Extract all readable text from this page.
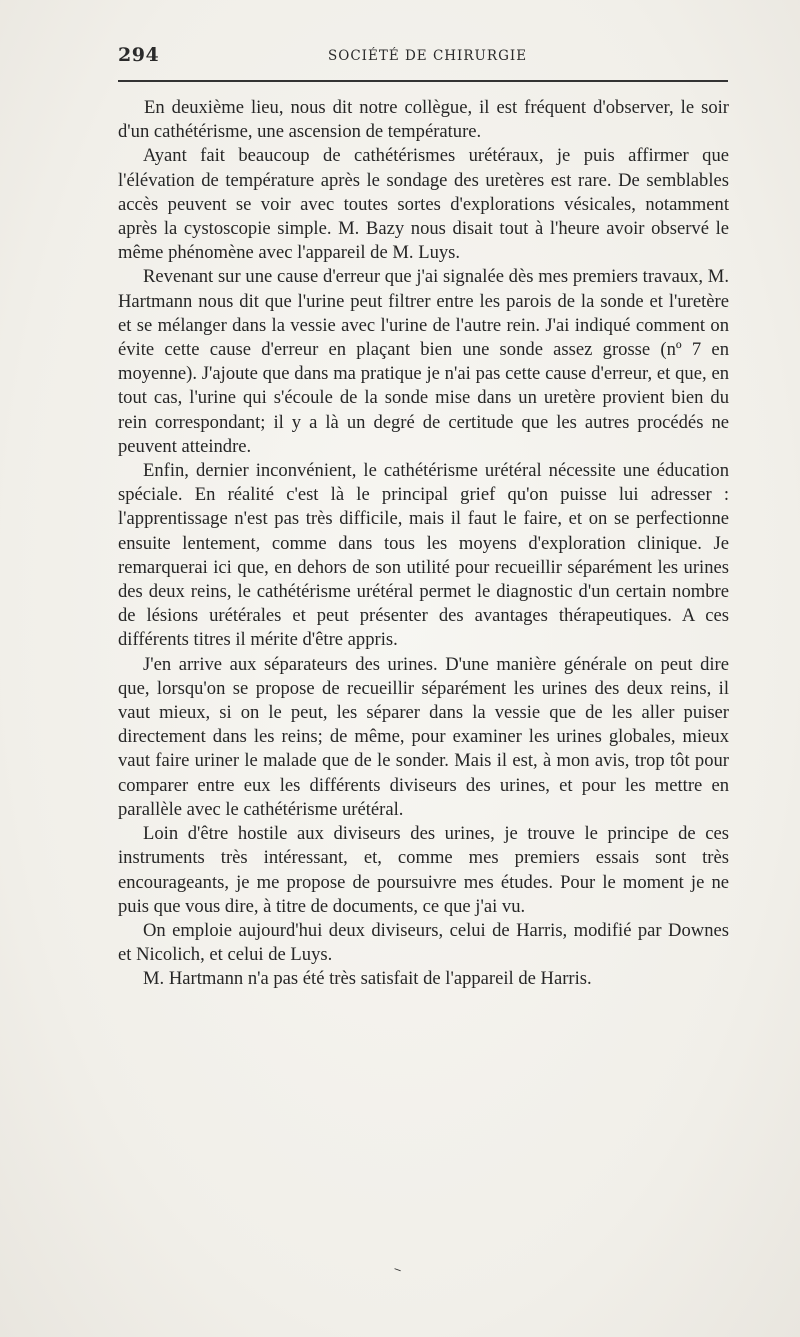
294	SOCIÉTÉ DE CHIRURGIE

En deuxième lieu, nous dit notre collègue, il est fréquent d'observer, le soir d'un cathétérisme, une ascension de température.

Ayant fait beaucoup de cathétérismes urétéraux, je puis affirmer que l'élévation de température après le sondage des uretères est rare. De semblables accès peuvent se voir avec toutes sortes d'explorations vésicales, notamment après la cystoscopie simple. M. Bazy nous disait tout à l'heure avoir observé le même phénomène avec l'appareil de M. Luys.

Revenant sur une cause d'erreur que j'ai signalée dès mes premiers travaux, M. Hartmann nous dit que l'urine peut filtrer entre les parois de la sonde et l'uretère et se mélanger dans la vessie avec l'urine de l'autre rein. J'ai indiqué comment on évite cette cause d'erreur en plaçant bien une sonde assez grosse (nº 7 en moyenne). J'ajoute que dans ma pratique je n'ai pas cette cause d'erreur, et que, en tout cas, l'urine qui s'écoule de la sonde mise dans un uretère provient bien du rein correspondant; il y a là un degré de certitude que les autres procédés ne peuvent atteindre.

Enfin, dernier inconvénient, le cathétérisme urétéral nécessite une éducation spéciale. En réalité c'est là le principal grief qu'on puisse lui adresser : l'apprentissage n'est pas très difficile, mais il faut le faire, et on se perfectionne ensuite lentement, comme dans tous les moyens d'exploration clinique. Je remarquerai ici que, en dehors de son utilité pour recueillir séparément les urines des deux reins, le cathétérisme urétéral permet le diagnostic d'un certain nombre de lésions urétérales et peut présenter des avantages thérapeutiques. A ces différents titres il mérite d'être appris.

J'en arrive aux séparateurs des urines. D'une manière générale on peut dire que, lorsqu'on se propose de recueillir séparément les urines des deux reins, il vaut mieux, si on le peut, les séparer dans la vessie que de les aller puiser directement dans les reins; de même, pour examiner les urines globales, mieux vaut faire uriner le malade que de le sonder. Mais il est, à mon avis, trop tôt pour comparer entre eux les différents diviseurs des urines, et pour les mettre en parallèle avec le cathétérisme urétéral.

Loin d'être hostile aux diviseurs des urines, je trouve le principe de ces instruments très intéressant, et, comme mes premiers essais sont très encourageants, je me propose de poursuivre mes études. Pour le moment je ne puis que vous dire, à titre de documents, ce que j'ai vu.

On emploie aujourd'hui deux diviseurs, celui de Harris, modifié par Downes et Nicolich, et celui de Luys.

M. Hartmann n'a pas été très satisfait de l'appareil de Harris.

‒
